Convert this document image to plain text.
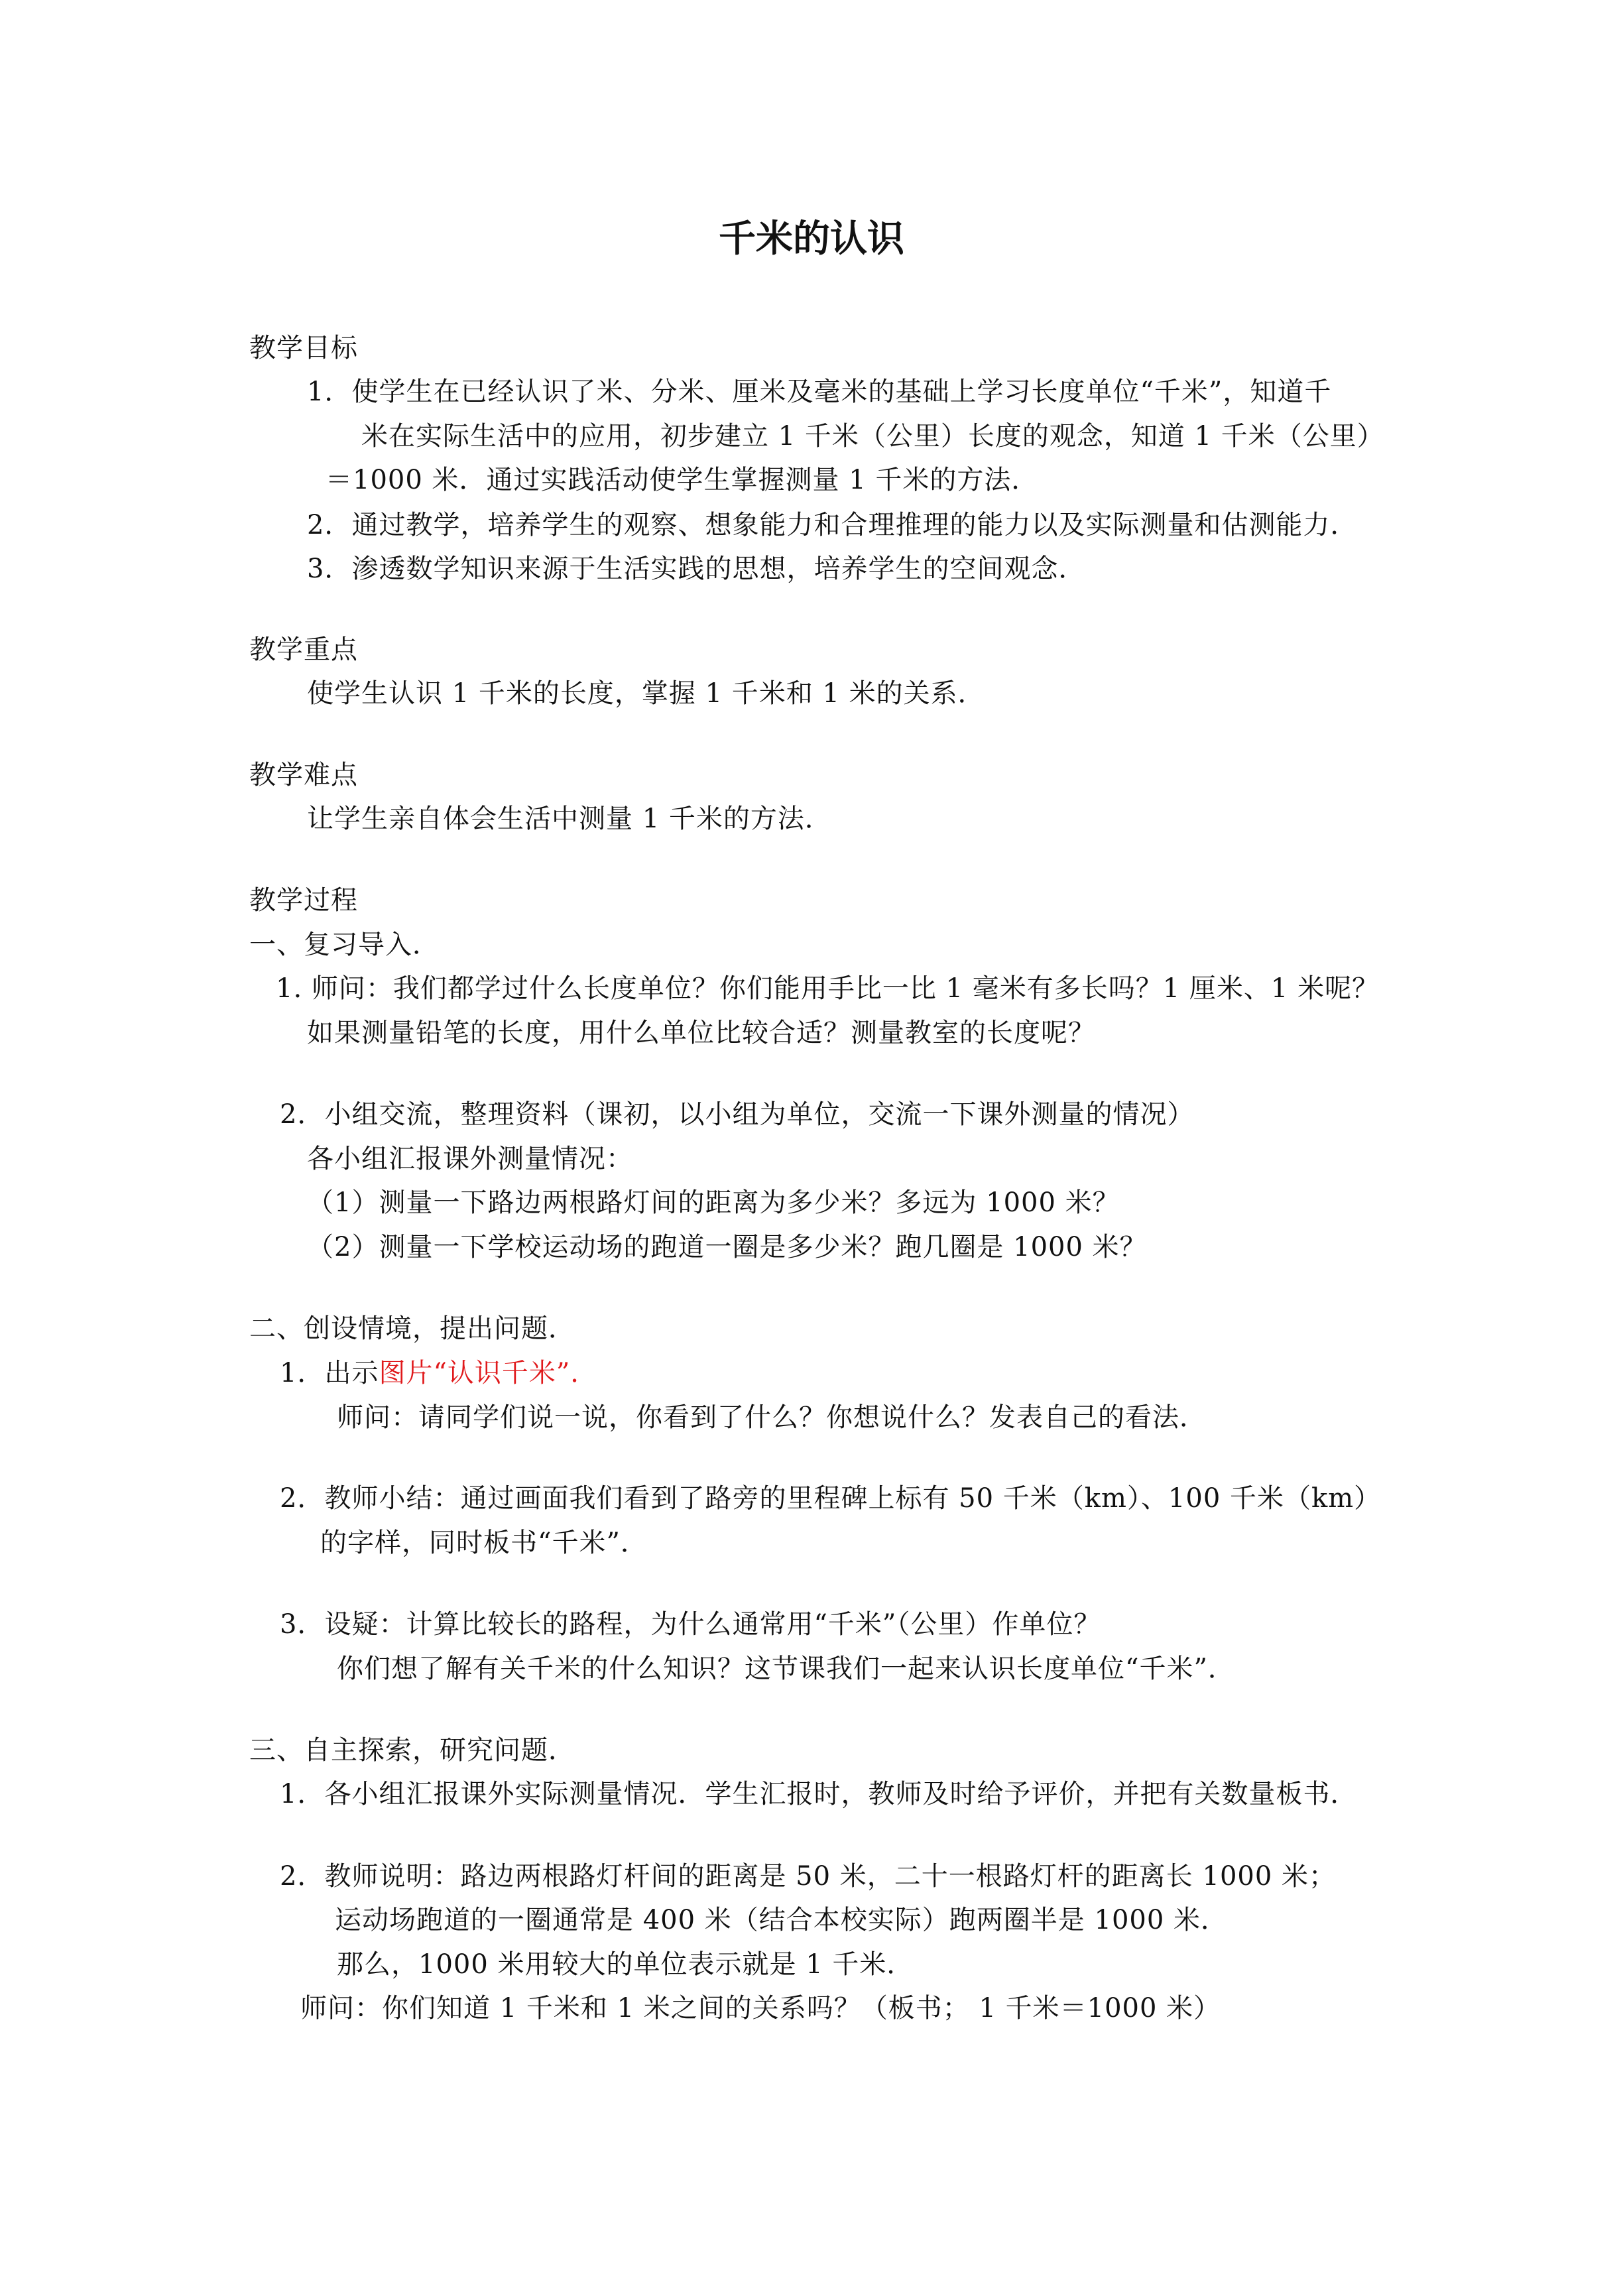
千米的认识

教学目标

1．使学生在已经认识了米、分米、厘米及毫米的基础上学习长度单位“千米”，知道千

米在实际生活中的应用，初步建立 1 千米（公里）长度的观念，知道 1 千米（公里）

＝1000 米．通过实践活动使学生掌握测量 1 千米的方法．

2．通过教学，培养学生的观察、想象能力和合理推理的能力以及实际测量和估测能力．

3．渗透数学知识来源于生活实践的思想，培养学生的空间观念．

教学重点

使学生认识 1 千米的长度，掌握 1 千米和 1 米的关系．

教学难点

让学生亲自体会生活中测量 1 千米的方法．

教学过程

一、复习导入．

1. 师问：我们都学过什么长度单位？你们能用手比一比 1 毫米有多长吗？1 厘米、1 米呢？

如果测量铅笔的长度，用什么单位比较合适？测量教室的长度呢？

2．小组交流，整理资料（课初，以小组为单位，交流一下课外测量的情况）

各小组汇报课外测量情况：

（1）测量一下路边两根路灯间的距离为多少米？多远为 1000 米？

（2）测量一下学校运动场的跑道一圈是多少米？跑几圈是 1000 米？

二、创设情境，提出问题．

1．出示图片“认识千米”．

师问：请同学们说一说，你看到了什么？你想说什么？发表自己的看法．

2．教师小结：通过画面我们看到了路旁的里程碑上标有 50 千米（km）、100 千米（km）

的字样，同时板书“千米”．

3．设疑：计算比较长的路程，为什么通常用“千米”（公里）作单位？

你们想了解有关千米的什么知识？这节课我们一起来认识长度单位“千米”．

三、自主探索，研究问题．

1．各小组汇报课外实际测量情况．学生汇报时，教师及时给予评价，并把有关数量板书．

2．教师说明：路边两根路灯杆间的距离是 50 米，二十一根路灯杆的距离长 1000 米；

运动场跑道的一圈通常是 400 米（结合本校实际）跑两圈半是 1000 米．

那么，1000 米用较大的单位表示就是 1 千米．

师问：你们知道 1 千米和 1 米之间的关系吗？（板书； 1 千米＝1000 米）
